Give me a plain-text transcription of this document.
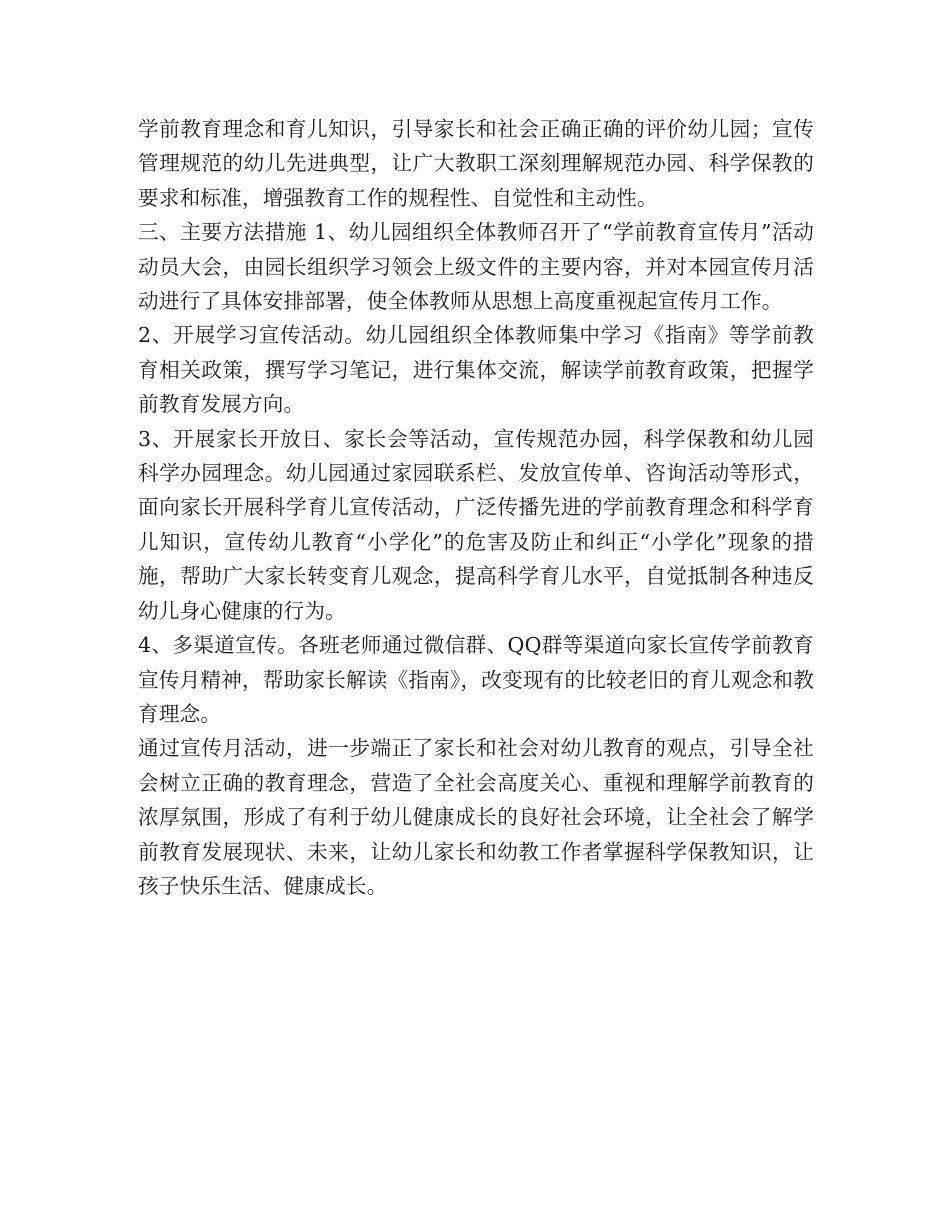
学前教育理念和育儿知识，引导家长和社会正确正确的评价幼儿园；宣传管理规范的幼儿先进典型，让广大教职工深刻理解规范办园、科学保教的要求和标准，增强教育工作的规程性、自觉性和主动性。

三、主要方法措施 1、幼儿园组织全体教师召开了“学前教育宣传月”活动动员大会，由园长组织学习领会上级文件的主要内容，并对本园宣传月活动进行了具体安排部署，使全体教师从思想上高度重视起宣传月工作。

2、开展学习宣传活动。幼儿园组织全体教师集中学习《指南》等学前教育相关政策，撰写学习笔记，进行集体交流，解读学前教育政策，把握学前教育发展方向。

3、开展家长开放日、家长会等活动，宣传规范办园，科学保教和幼儿园科学办园理念。幼儿园通过家园联系栏、发放宣传单、咨询活动等形式，面向家长开展科学育儿宣传活动，广泛传播先进的学前教育理念和科学育儿知识，宣传幼儿教育“小学化”的危害及防止和纠正“小学化”现象的措施，帮助广大家长转变育儿观念，提高科学育儿水平，自觉抵制各种违反幼儿身心健康的行为。

4、多渠道宣传。各班老师通过微信群、QQ群等渠道向家长宣传学前教育宣传月精神，帮助家长解读《指南》，改变现有的比较老旧的育儿观念和教育理念。

通过宣传月活动，进一步端正了家长和社会对幼儿教育的观点，引导全社会树立正确的教育理念，营造了全社会高度关心、重视和理解学前教育的浓厚氛围，形成了有利于幼儿健康成长的良好社会环境，让全社会了解学前教育发展现状、未来，让幼儿家长和幼教工作者掌握科学保教知识，让孩子快乐生活、健康成长。
